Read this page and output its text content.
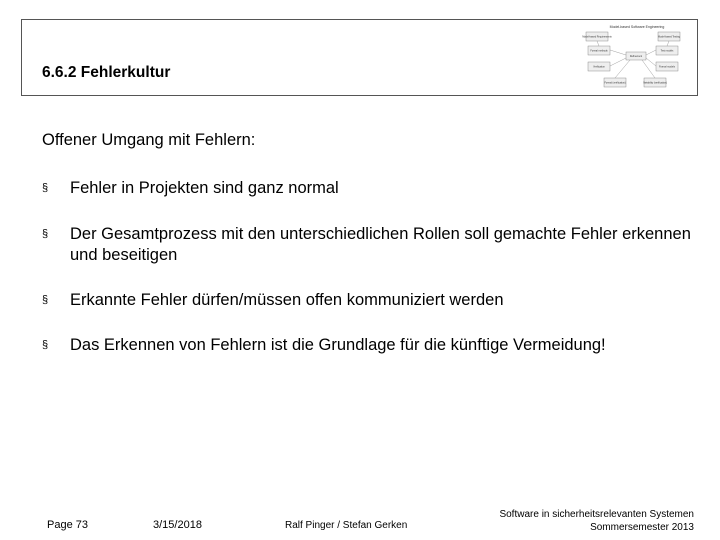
6.6.2 Fehlerkultur
Model-based Software Engineering
Model-based Requirements	Model-based Testing
Formal methods	Test models
Refinement
Verification	Formal models
Formal (verification)	Variability (verification)
Offener Umgang mit Fehlern:
§ Fehler in Projekten sind ganz normal
§ Der Gesamtprozess mit den unterschiedlichen Rollen soll gemachte Fehler erkennen und beseitigen
§ Erkannte Fehler dürfen/müssen offen kommuniziert werden
§ Das Erkennen von Fehlern ist die Grundlage für die künftige Vermeidung!
Page 73	3/15/2018	Ralf Pinger / Stefan Gerken
Software in sicherheitsrelevanten Systemen
Sommersemester 2013
